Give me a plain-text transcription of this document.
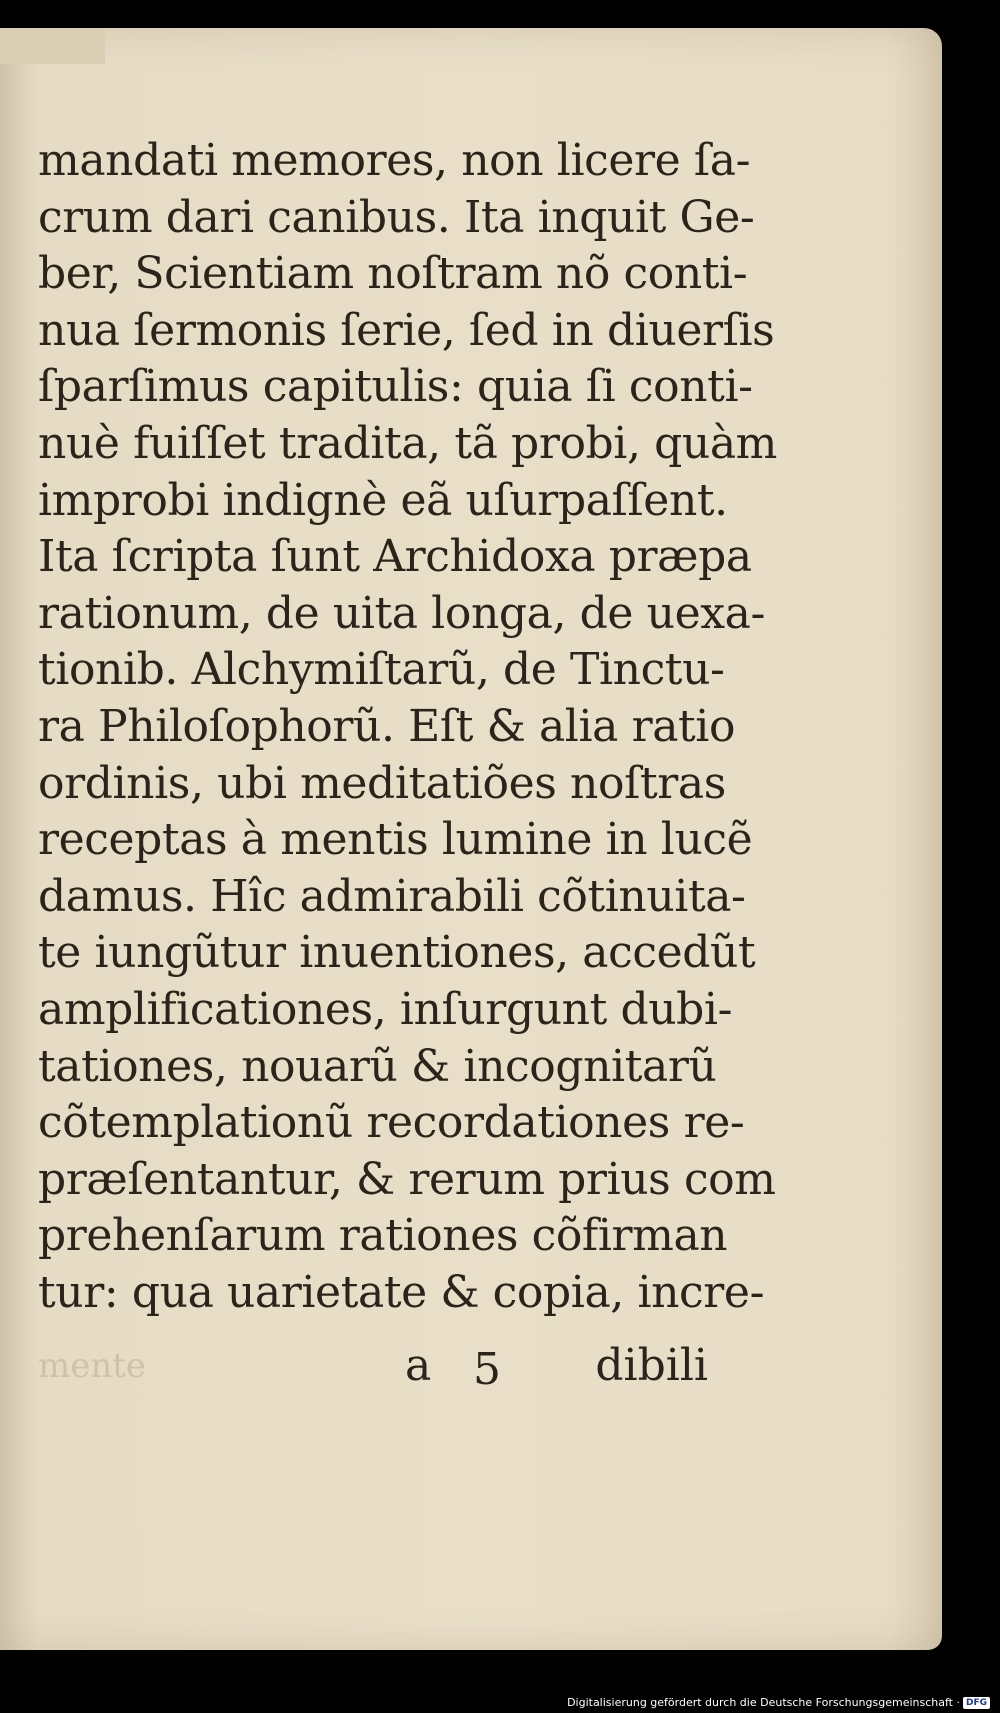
mandati memores, non licere ſa-
crum dari canibus. Ita inquit Ge-
ber, Scientiam noſtram nõ conti-
nua ſermonis ſerie, ſed in diuerſis
ſparſimus capitulis: quia ſi conti-
nuè fuiſſet tradita, tã probi, quàm
improbi indignè eã uſurpaſſent.
Ita ſcripta ſunt Archidoxa præpa
rationum, de uita longa, de uexa-
tionib. Alchymiſtarũ, de Tinctu-
ra Philoſophorũ. Eſt & alia ratio
ordinis, ubi meditatiões noſtras
receptas à mentis lumine in lucẽ
damus. Hîc admirabili cõtinuita-
te iungũtur inuentiones, accedũt
amplificationes, inſurgunt dubi-
tationes, nouarũ & incognitarũ
cõtemplationũ recordationes re-
præſentantur, & rerum prius com
prehenſarum rationes cõfirman
tur: qua uarietate & copia, incre-
mente	a 5 dibili
Digitalisierung gefördert durch die Deutsche Forschungsgemeinschaft · DFG
